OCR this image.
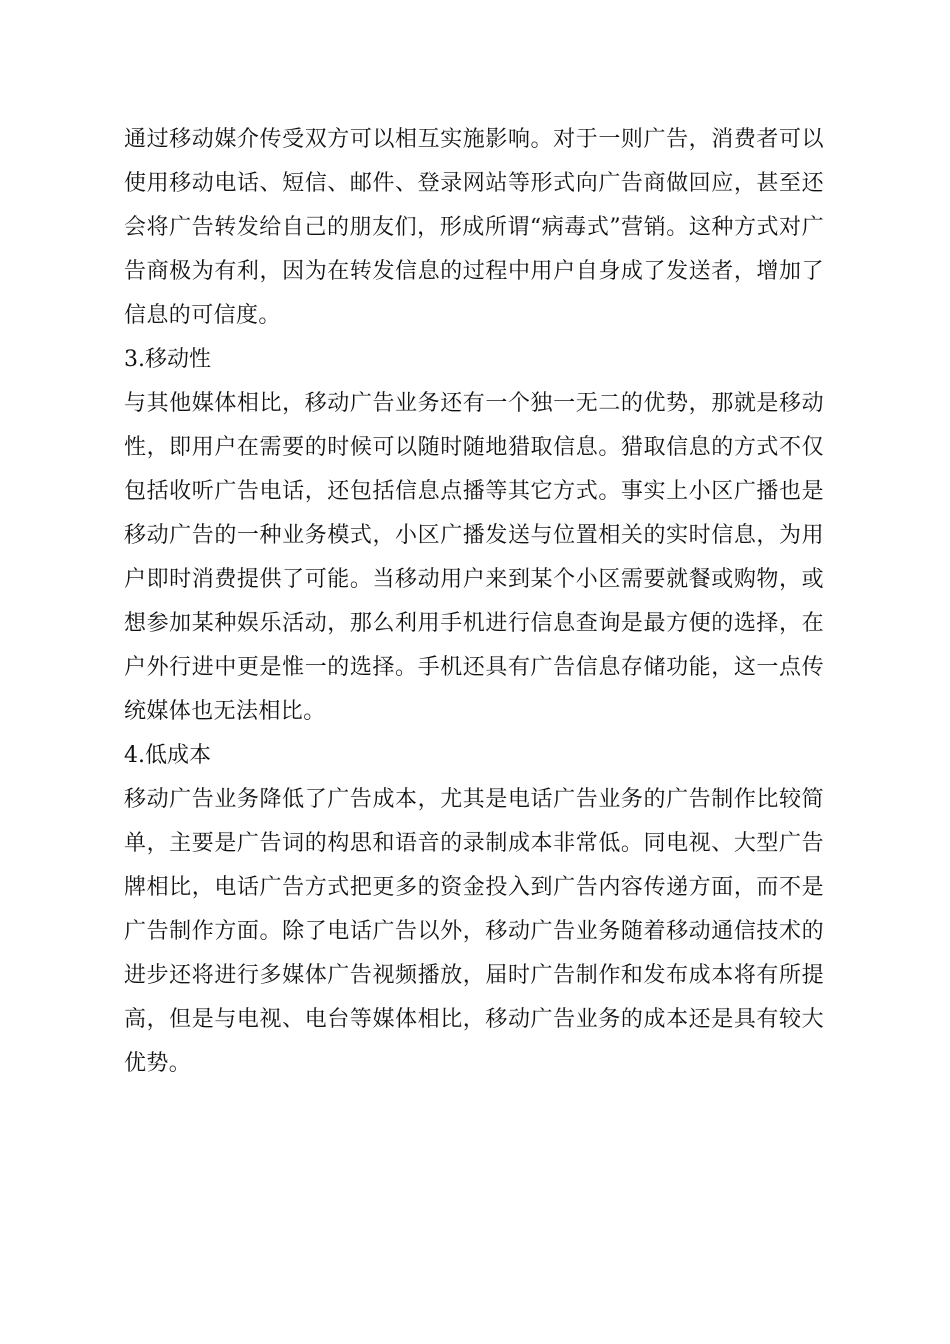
通过移动媒介传受双方可以相互实施影响。对于一则广告，消费者可以使用移动电话、短信、邮件、登录网站等形式向广告商做回应，甚至还会将广告转发给自己的朋友们，形成所谓“病毒式”营销。这种方式对广告商极为有利，因为在转发信息的过程中用户自身成了发送者，增加了信息的可信度。

3.移动性

与其他媒体相比，移动广告业务还有一个独一无二的优势，那就是移动性，即用户在需要的时候可以随时随地猎取信息。猎取信息的方式不仅包括收听广告电话，还包括信息点播等其它方式。事实上小区广播也是移动广告的一种业务模式，小区广播发送与位置相关的实时信息，为用户即时消费提供了可能。当移动用户来到某个小区需要就餐或购物，或想参加某种娱乐活动，那么利用手机进行信息查询是最方便的选择，在户外行进中更是惟一的选择。手机还具有广告信息存储功能，这一点传统媒体也无法相比。

4.低成本

移动广告业务降低了广告成本，尤其是电话广告业务的广告制作比较简单，主要是广告词的构思和语音的录制成本非常低。同电视、大型广告牌相比，电话广告方式把更多的资金投入到广告内容传递方面，而不是广告制作方面。除了电话广告以外，移动广告业务随着移动通信技术的进步还将进行多媒体广告视频播放，届时广告制作和发布成本将有所提高，但是与电视、电台等媒体相比，移动广告业务的成本还是具有较大优势。
